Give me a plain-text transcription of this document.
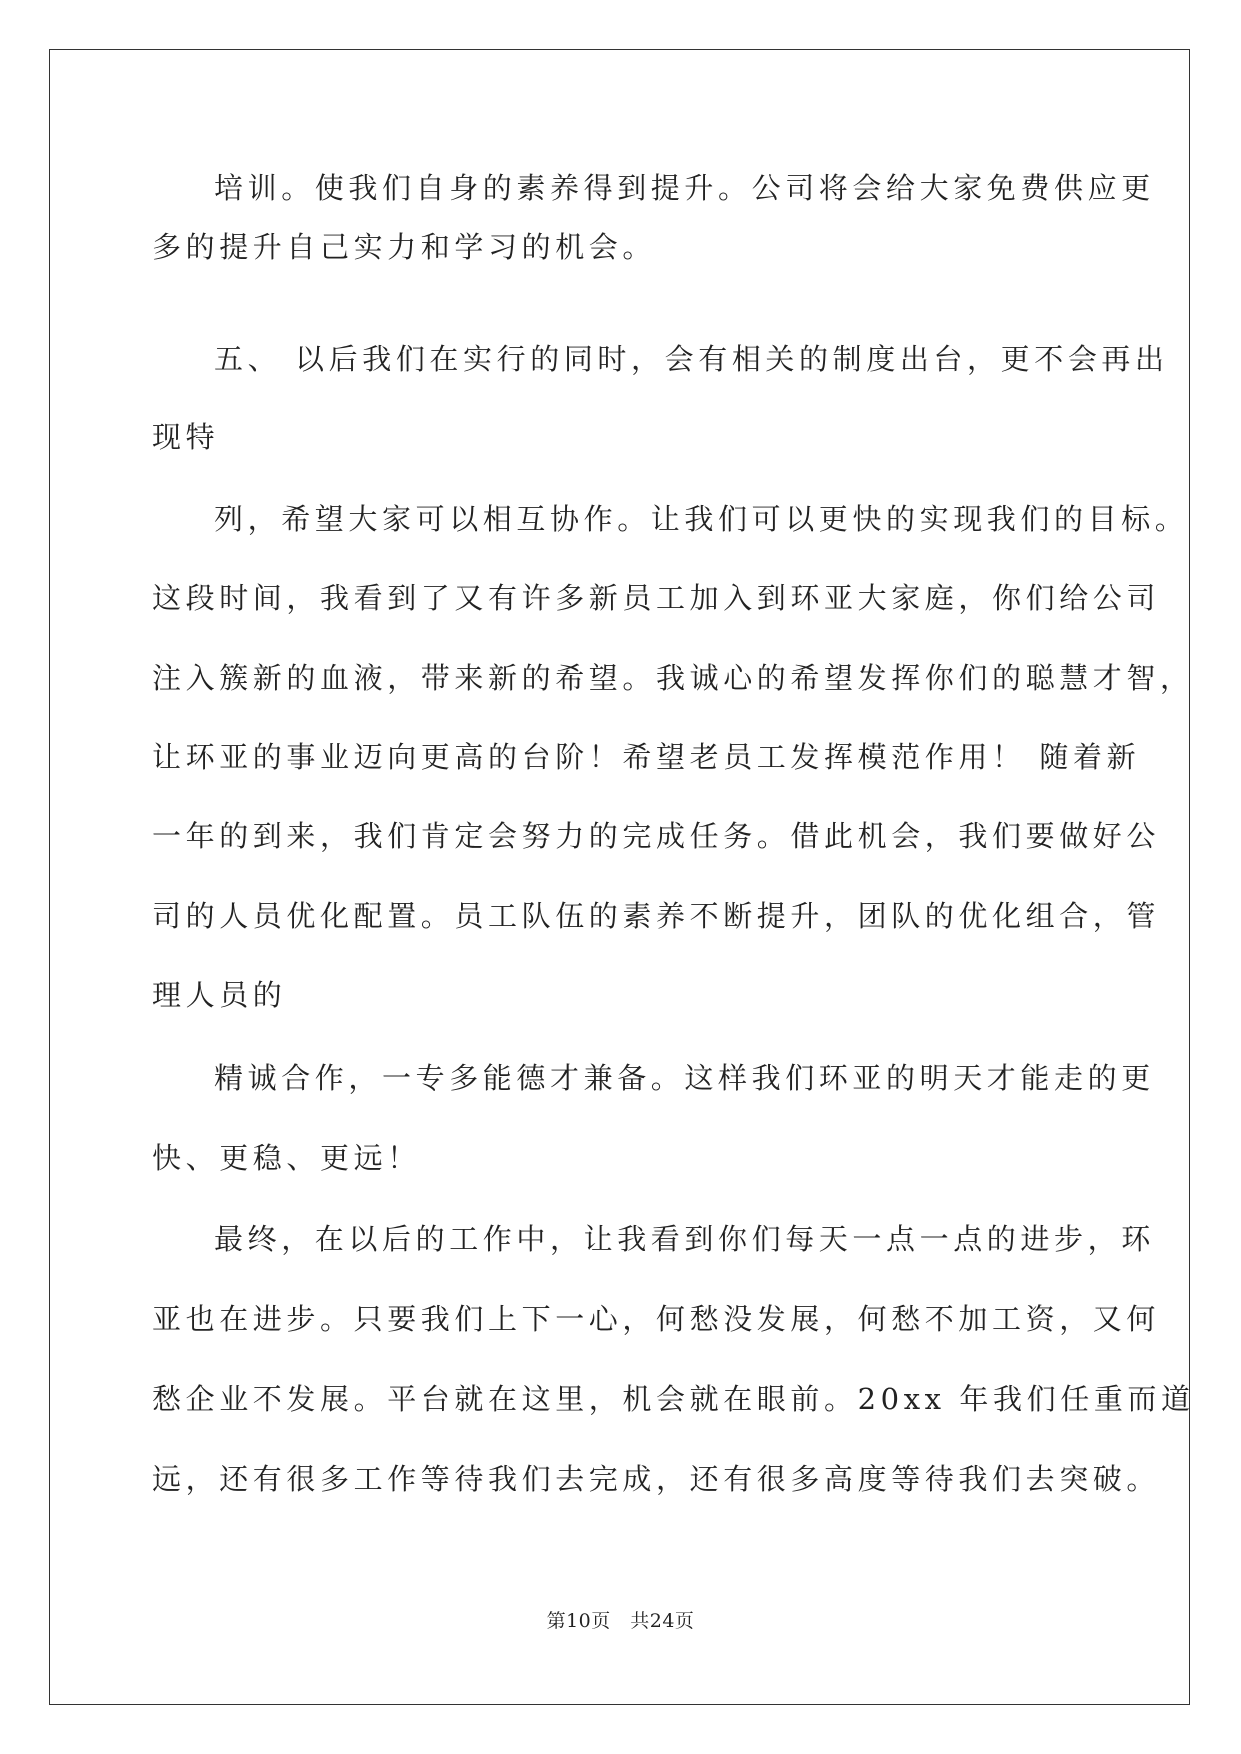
培训。使我们自身的素养得到提升。公司将会给大家免费供应更
多的提升自己实力和学习的机会。
五、 以后我们在实行的同时，会有相关的制度出台，更不会再出
现特
列，希望大家可以相互协作。让我们可以更快的实现我们的目标。
这段时间，我看到了又有许多新员工加入到环亚大家庭，你们给公司
注入簇新的血液，带来新的希望。我诚心的希望发挥你们的聪慧才智，
让环亚的事业迈向更高的台阶！希望老员工发挥模范作用！ 随着新
一年的到来，我们肯定会努力的完成任务。借此机会，我们要做好公
司的人员优化配置。员工队伍的素养不断提升，团队的优化组合，管
理人员的
精诚合作，一专多能德才兼备。这样我们环亚的明天才能走的更
快、更稳、更远！
最终，在以后的工作中，让我看到你们每天一点一点的进步，环
亚也在进步。只要我们上下一心，何愁没发展，何愁不加工资，又何
愁企业不发展。平台就在这里，机会就在眼前。20xx 年我们任重而道
远，还有很多工作等待我们去完成，还有很多高度等待我们去突破。
第10页　共24页
